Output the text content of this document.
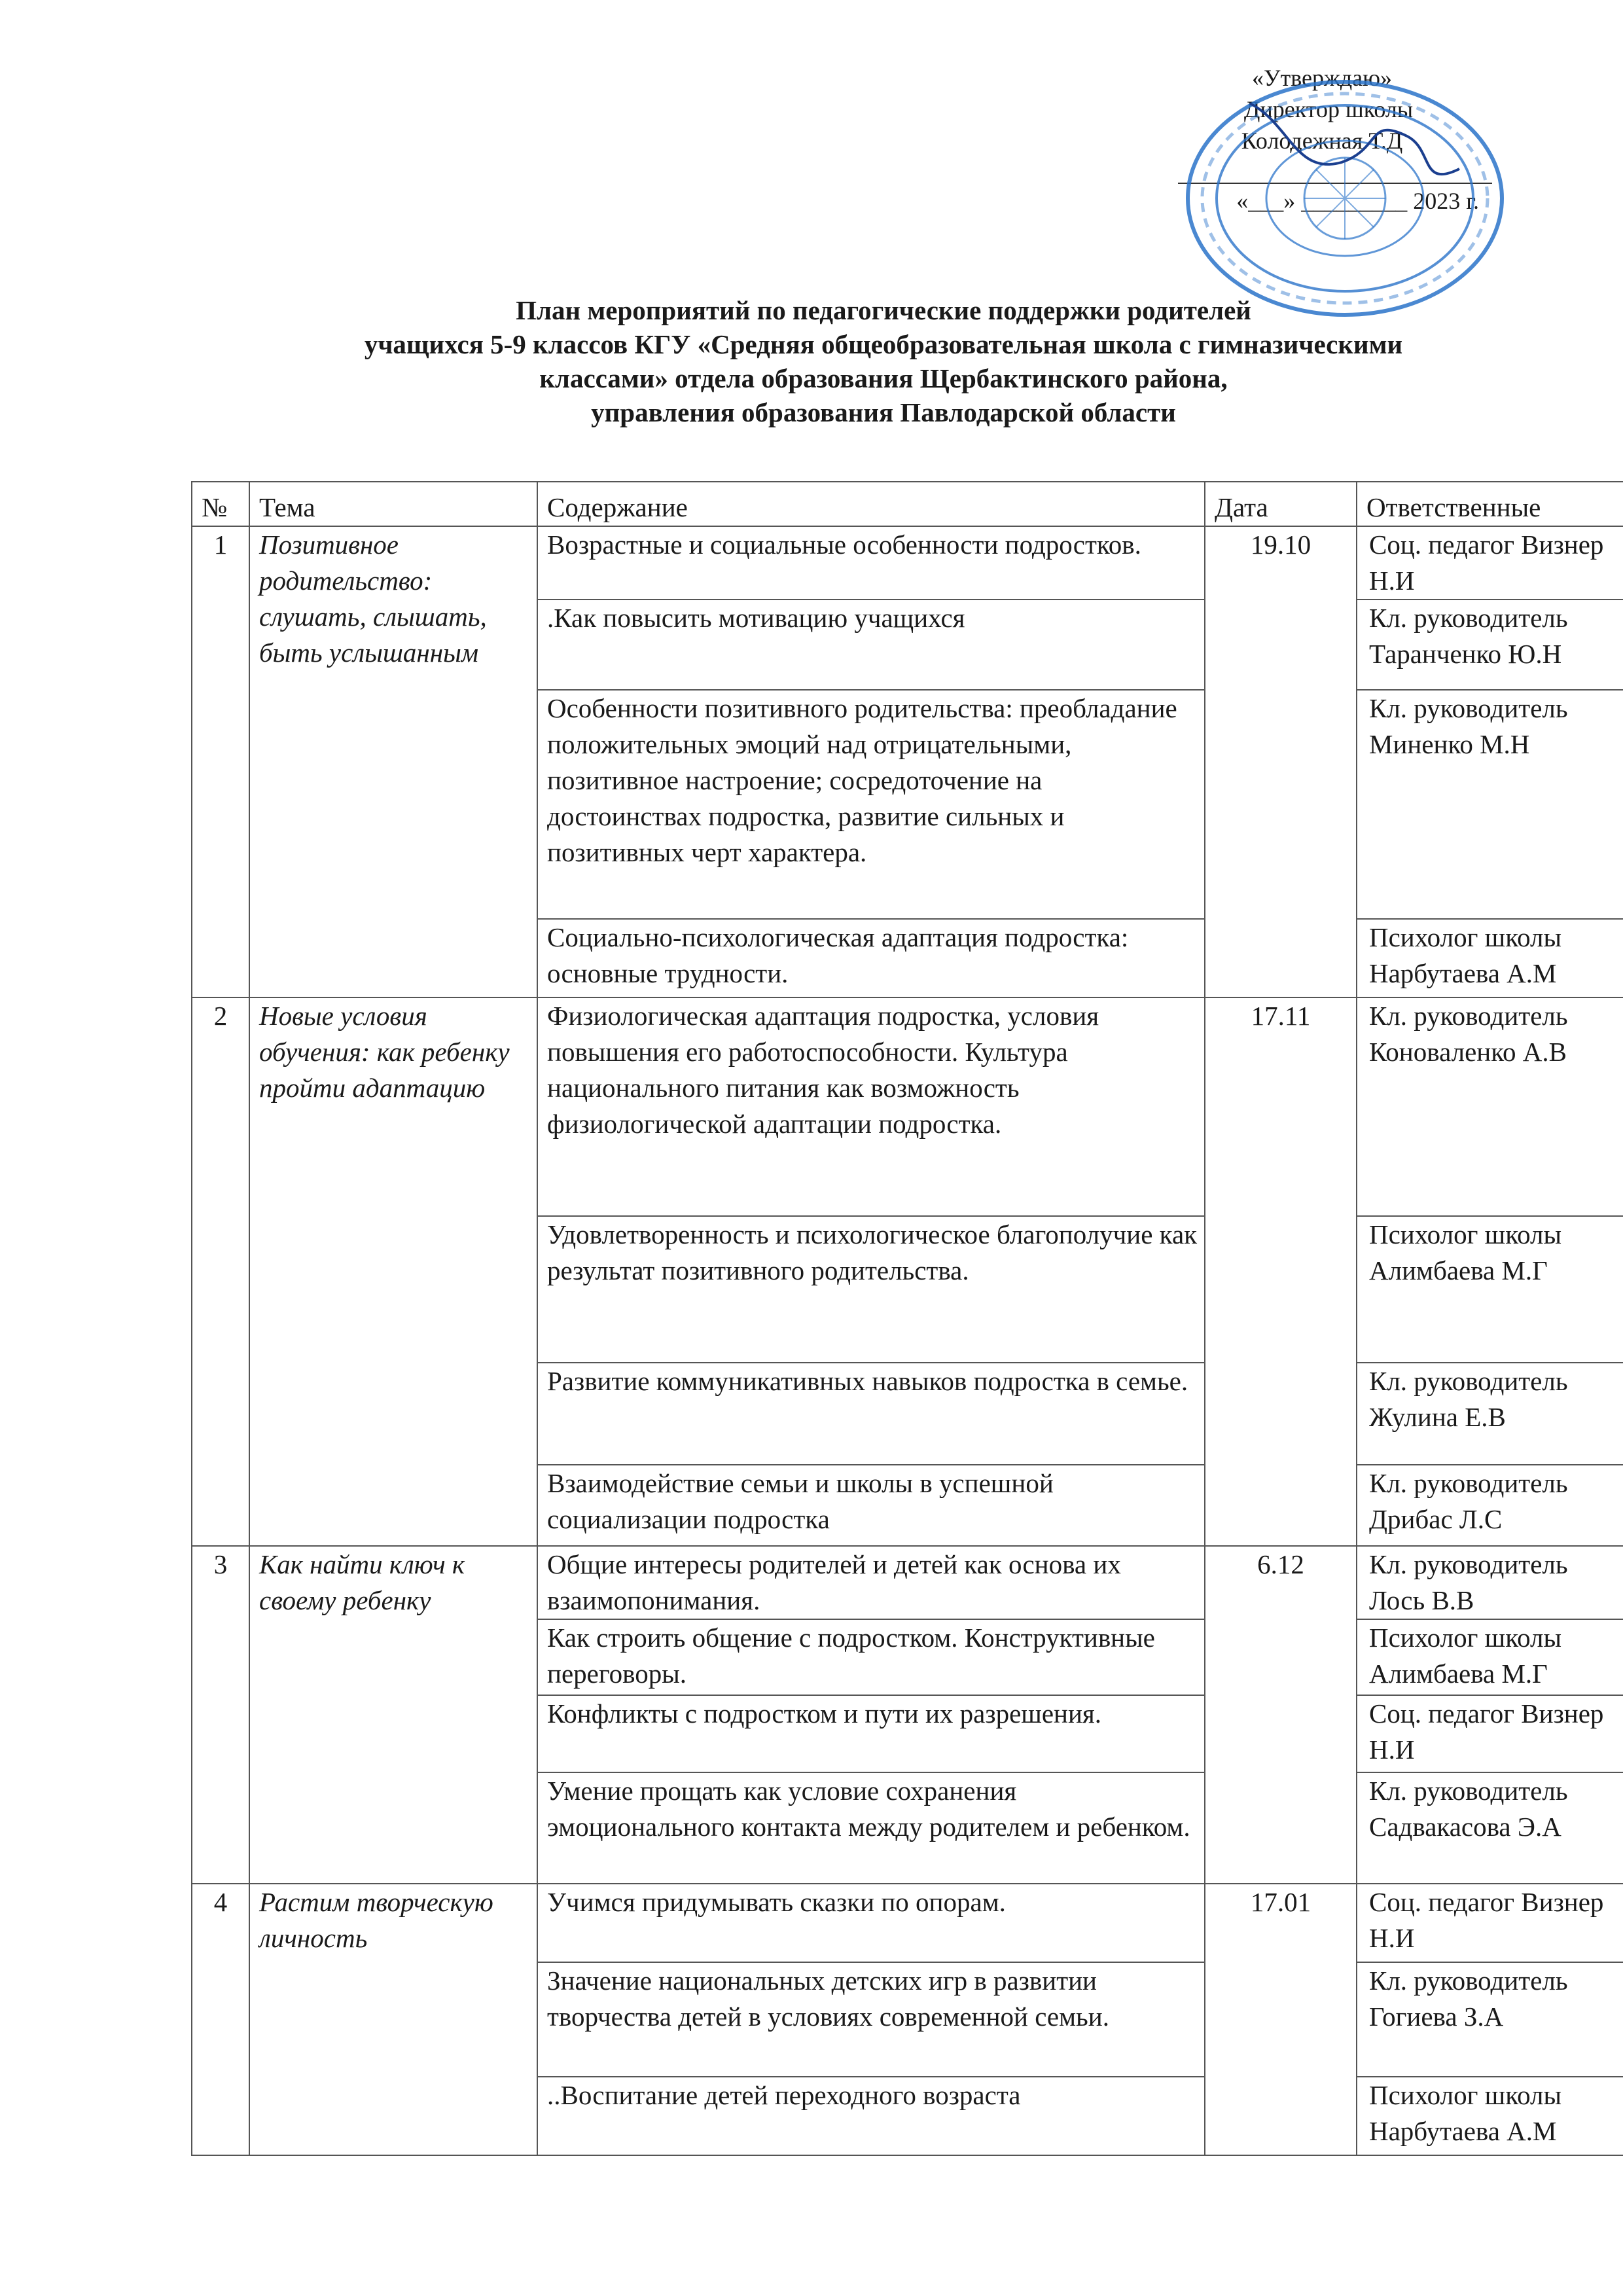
«Утверждаю»
Директор школы
Колодежная Т.Д
«___» _________ 2023 г.
План мероприятий по педагогические поддержки родителей
учащихся 5-9 классов КГУ «Средняя общеобразовательная школа с гимназическими
классами» отдела образования Щербактинского района,
управления образования Павлодарской области
№	Тема	Содержание	Дата	Ответственные
1	Позитивное родительство: слушать, слышать, быть услышанным	Возрастные и социальные особенности подростков.	19.10	Соц. педагог Визнер Н.И
		.Как повысить мотивацию учащихся		Кл. руководитель Таранченко Ю.Н
		Особенности позитивного родительства: преобладание положительных эмоций над отрицательными, позитивное настроение; сосредоточение на достоинствах подростка, развитие сильных и позитивных черт характера.		Кл. руководитель Миненко М.Н
		Социально-психологическая адаптация подростка: основные трудности.		Психолог школы Нарбутаева А.М
2	Новые условия обучения: как ребенку пройти адаптацию	Физиологическая адаптация подростка, условия повышения его работоспособности. Культура национального питания как возможность физиологической адаптации подростка.	17.11	Кл. руководитель Коноваленко А.В
		Удовлетворенность и психологическое благополучие как результат позитивного родительства.		Психолог школы Алимбаева М.Г
		Развитие коммуникативных навыков подростка в семье.		Кл. руководитель Жулина Е.В
		Взаимодействие семьи и школы в успешной социализации подростка		Кл. руководитель Дрибас Л.С
3	Как найти ключ к своему ребенку	Общие интересы родителей и детей как основа их взаимопонимания.	6.12	Кл. руководитель Лось В.В
		Как строить общение с подростком. Конструктивные переговоры.		Психолог школы Алимбаева М.Г
		Конфликты с подростком и пути их разрешения.		Соц. педагог Визнер Н.И
		Умение прощать как условие сохранения эмоционального контакта между родителем и ребенком.		Кл. руководитель Садвакасова Э.А
4	Растим творческую личность	Учимся придумывать сказки по опорам.	17.01	Соц. педагог Визнер Н.И
		Значение национальных детских игр в развитии творчества детей в условиях современной семьи.		Кл. руководитель Гогиева З.А
		..Воспитание детей переходного возраста		Психолог школы Нарбутаева А.М
